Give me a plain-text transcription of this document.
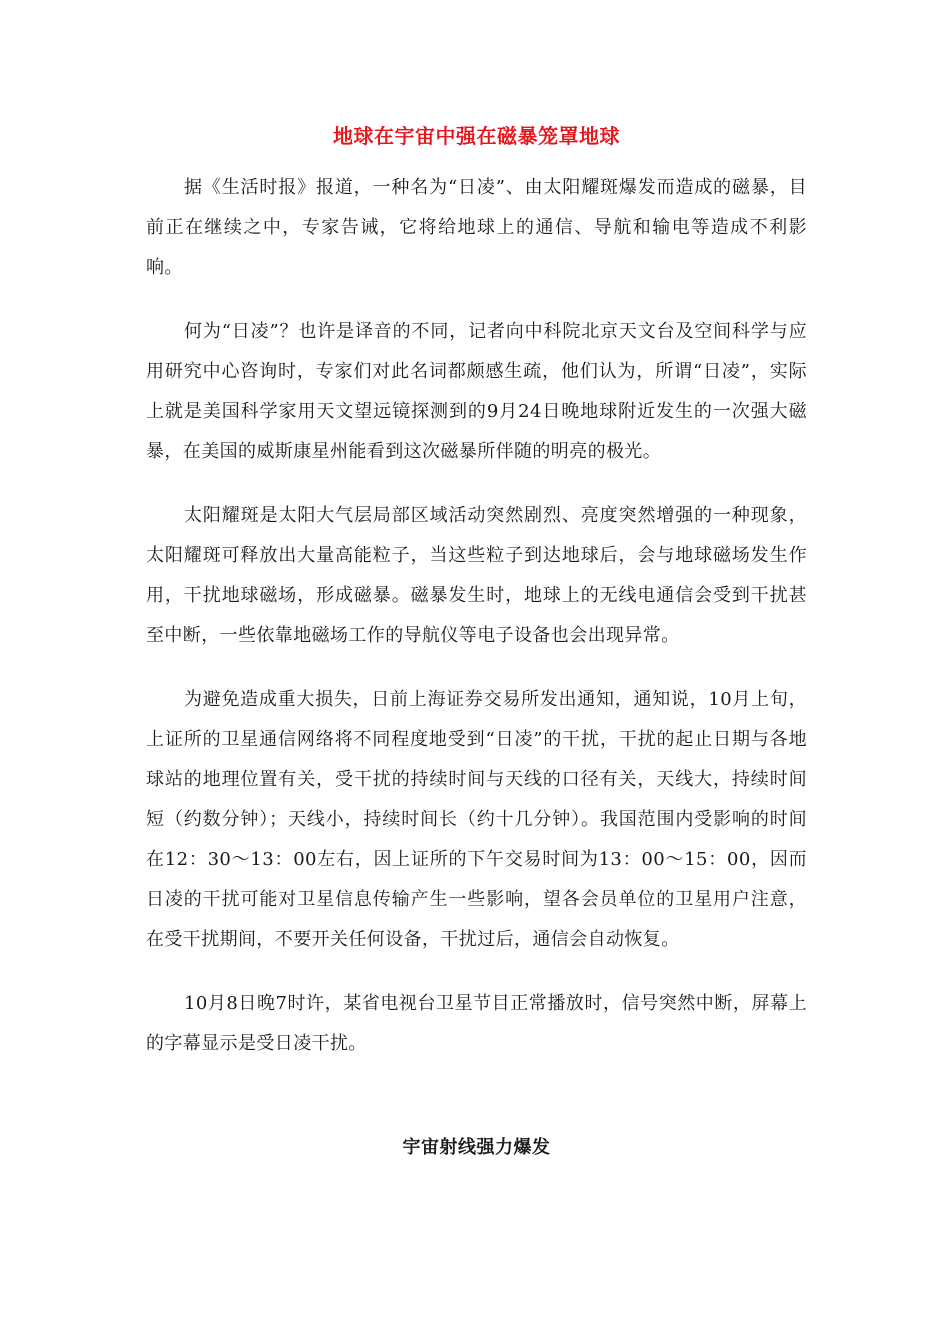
地球在宇宙中强在磁暴笼罩地球

据《生活时报》报道，一种名为“日凌”、由太阳耀斑爆发而造成的磁暴，目前正在继续之中，专家告诫，它将给地球上的通信、导航和输电等造成不利影响。

何为“日凌”？也许是译音的不同，记者向中科院北京天文台及空间科学与应用研究中心咨询时，专家们对此名词都颇感生疏，他们认为，所谓“日凌”，实际上就是美国科学家用天文望远镜探测到的9月24日晚地球附近发生的一次强大磁暴，在美国的威斯康星州能看到这次磁暴所伴随的明亮的极光。

太阳耀斑是太阳大气层局部区域活动突然剧烈、亮度突然增强的一种现象，太阳耀斑可释放出大量高能粒子，当这些粒子到达地球后，会与地球磁场发生作用，干扰地球磁场，形成磁暴。磁暴发生时，地球上的无线电通信会受到干扰甚至中断，一些依靠地磁场工作的导航仪等电子设备也会出现异常。

为避免造成重大损失，日前上海证券交易所发出通知，通知说，10月上旬，上证所的卫星通信网络将不同程度地受到“日凌”的干扰，干扰的起止日期与各地球站的地理位置有关，受干扰的持续时间与天线的口径有关，天线大，持续时间短（约数分钟）；天线小，持续时间长（约十几分钟）。我国范围内受影响的时间在12：30～13：00左右，因上证所的下午交易时间为13：00～15：00，因而日凌的干扰可能对卫星信息传输产生一些影响，望各会员单位的卫星用户注意，在受干扰期间，不要开关任何设备，干扰过后，通信会自动恢复。

10月8日晚7时许，某省电视台卫星节目正常播放时，信号突然中断，屏幕上的字幕显示是受日凌干扰。

宇宙射线强力爆发
